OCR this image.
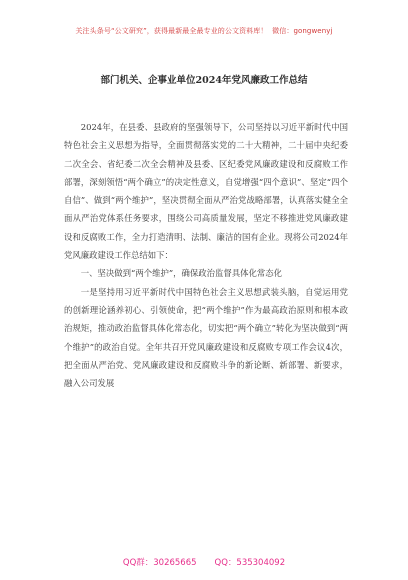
关注头条号“公文研究”，获得最新最全最专业的公文资料库！ 微信：gongwenyj
部门机关、企事业单位2024年党风廉政工作总结

2024年，在县委、县政府的坚强领导下，公司坚持以习近平新时代中国特色社会主义思想为指导，全面贯彻落实党的二十大精神，二十届中央纪委二次全会、省纪委二次全会精神及县委、区纪委党风廉政建设和反腐败工作部署，深刻领悟“两个确立”的决定性意义，自觉增强“四个意识”、坚定“四个自信”、做到“两个维护”，坚决贯彻全面从严治党战略部署，认真落实健全全面从严治党体系任务要求，围绕公司高质量发展，坚定不移推进党风廉政建设和反腐败工作，全力打造清明、法制、廉洁的国有企业。现将公司2024年党风廉政建设工作总结如下：

一、坚决做到“两个维护”，确保政治监督具体化常态化

一是坚持用习近平新时代中国特色社会主义思想武装头脑，自觉运用党的创新理论涵养初心、引领使命，把“两个维护”作为最高政治原则和根本政治规矩，推动政治监督具体化常态化，切实把“两个确立”转化为坚决做到“两个维护”的政治自觉。全年共召开党风廉政建设和反腐败专项工作会议4次，把全面从严治党、党风廉政建设和反腐败斗争的新论断、新部署、新要求，融入公司发展

QQ群：30265665 QQ：535304092
